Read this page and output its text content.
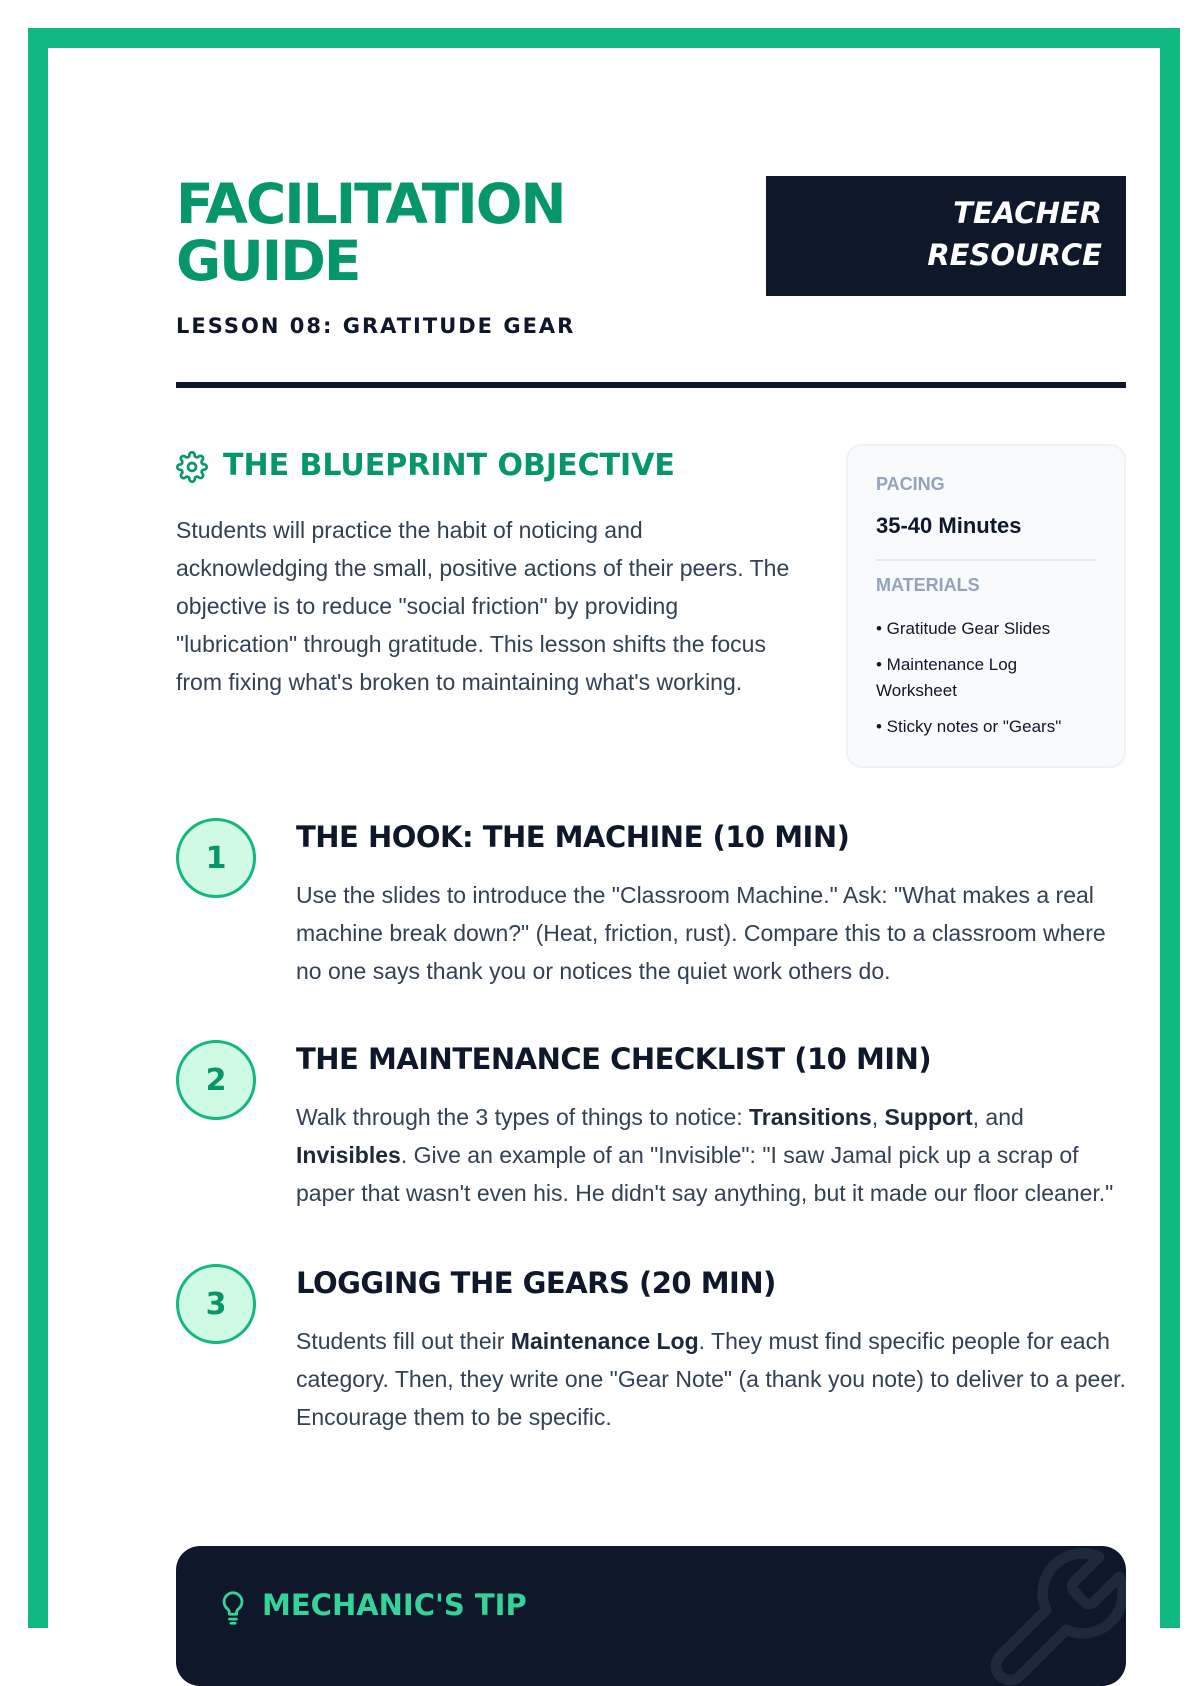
FACILITATION
GUIDE
LESSON 08: GRATITUDE GEAR
TEACHER
RESOURCE
THE BLUEPRINT OBJECTIVE

Students will practice the habit of noticing and acknowledging the small, positive actions of their peers. The objective is to reduce "social friction" by providing "lubrication" through gratitude. This lesson shifts the focus from fixing what's broken to maintaining what's working.

PACING
35-40 Minutes
MATERIALS
• Gratitude Gear Slides
• Maintenance Log Worksheet
• Sticky notes or "Gears"
1
THE HOOK: THE MACHINE (10 MIN)

Use the slides to introduce the "Classroom Machine." Ask: "What makes a real machine break down?" (Heat, friction, rust). Compare this to a classroom where no one says thank you or notices the quiet work others do.

2
THE MAINTENANCE CHECKLIST (10 MIN)

Walk through the 3 types of things to notice: Transitions, Support, and Invisibles. Give an example of an "Invisible": "I saw Jamal pick up a scrap of paper that wasn't even his. He didn't say anything, but it made our floor cleaner."

3
LOGGING THE GEARS (20 MIN)

Students fill out their Maintenance Log. They must find specific people for each category. Then, they write one "Gear Note" (a thank you note) to deliver to a peer. Encourage them to be specific.

MECHANIC'S TIP
